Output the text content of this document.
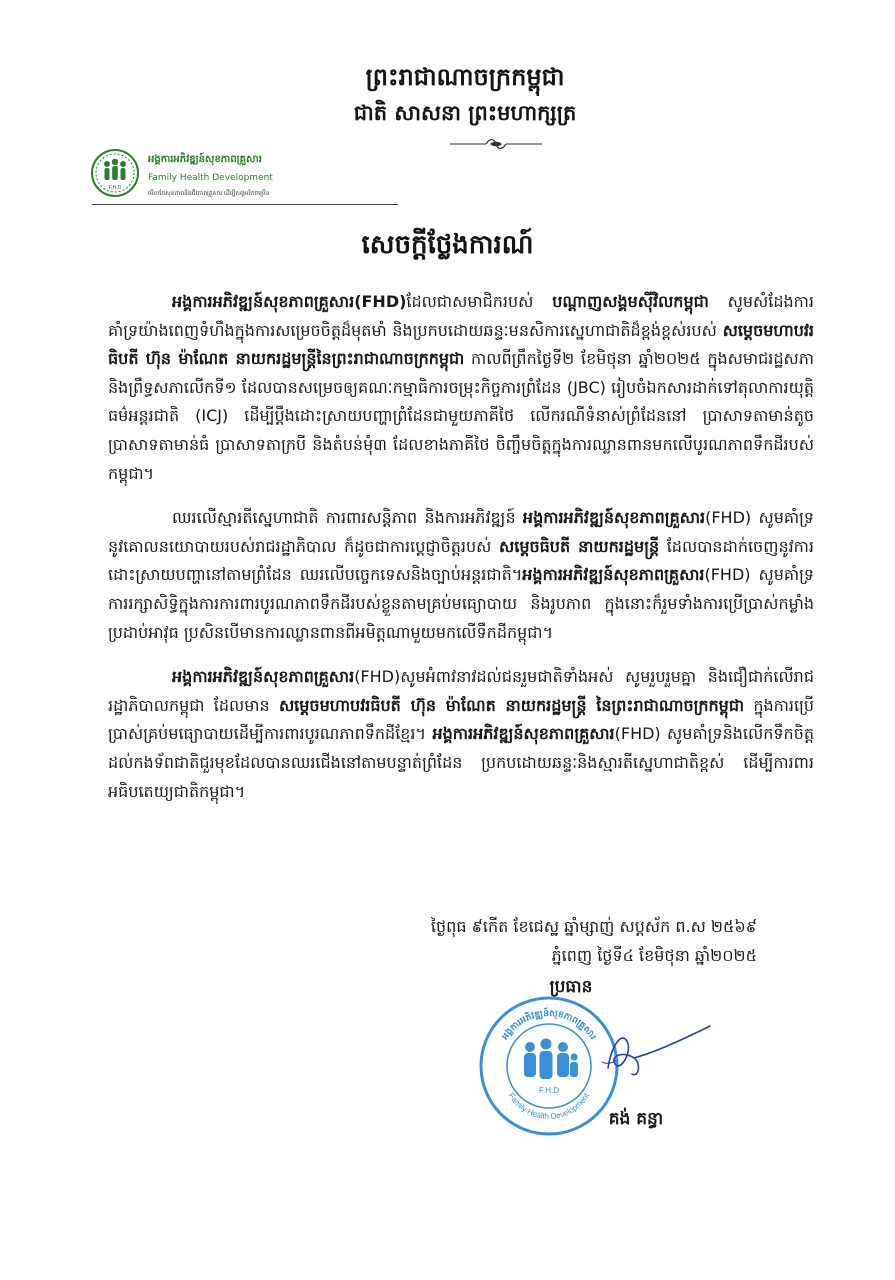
ព្រះរាជាណាចក្រកម្ពុជា
ជាតិ សាសនា ព្រះមហាក្សត្រ
F.H.D
អង្គការអភិវឌ្ឍន៍សុខភាពគ្រួសារ
Family Health Development
មើលថែសុខភាពនិងជីវភាពគ្រួសារ ដើម្បីសង្គមរីកចម្រើន
សេចក្ដីថ្លែងការណ៍

អង្គការអភិវឌ្ឍន៍សុខភាពគ្រួសារ(FHD)ដែលជាសមាជិករបស់ បណ្ដាញសង្គមស៊ីវិលកម្ពុជា សូមសំដែងការគាំទ្រយ៉ាងពេញទំហឹងក្នុងការសម្រេចចិត្តដ៏មុតមាំ និងប្រកបដោយឆន្ទៈមនសិការស្នេហាជាតិដ៏ខ្ពង់ខ្ពស់របស់ សម្ដេចមហាបវរធិបតី ហ៊ុន ម៉ាណែត នាយករដ្ឋមន្ត្រីនៃព្រះរាជាណាចក្រកម្ពុជា កាលពីព្រឹកថ្ងៃទី២ ខែមិថុនា ឆ្នាំ២០២៥ ក្នុងសមាជរដ្ឋសភា និងព្រឹទ្ធសភាលើកទី១ ដែលបានសម្រេចឲ្យគណៈកម្មាធិការចម្រុះកិច្ចការព្រំដែន (JBC) រៀបចំឯកសារដាក់ទៅតុលាការយុត្តិធម៌អន្តរជាតិ (ICJ) ដើម្បីប្ដឹងដោះស្រាយបញ្ហាព្រំដែនជាមួយភាគីថៃ លើករណីទំនាស់ព្រំដែននៅ ប្រាសាទតាមាន់តូច ប្រាសាទតាមាន់ធំ ប្រាសាទតាក្របី និងតំបន់មុំ៣ ដែលខាងភាគីថៃ ចិញ្ចឹមចិត្តក្នុងការឈ្លានពានមកលើបូរណភាពទឹកដីរបស់កម្ពុជា។

ឈរលើស្មារតីស្នេហាជាតិ ការពារសន្តិភាព និងការអភិវឌ្ឍន៍ អង្គការអភិវឌ្ឍន៍សុខភាពគ្រួសារ(FHD) សូមគាំទ្រនូវគោលនយោបាយរបស់រាជរដ្ឋាភិបាល ក៏ដូចជាការប្ដេជ្ញាចិត្តរបស់ សម្ដេចធិបតី នាយករដ្ឋមន្ត្រី ដែលបានដាក់ចេញនូវការដោះស្រាយបញ្ហានៅតាមព្រំដែន ឈរលើបច្ចេកទេសនិងច្បាប់អន្តរជាតិ។អង្គការអភិវឌ្ឍន៍សុខភាពគ្រួសារ(FHD) សូមគាំទ្រការរក្សាសិទ្ធិក្នុងការការពារបូរណភាពទឹកដីរបស់ខ្លួនតាមគ្រប់មធ្យោបាយ និងរូបភាព ក្នុងនោះក៏រួមទាំងការប្រើប្រាស់កម្លាំងប្រដាប់អាវុធ ប្រសិនបើមានការឈ្លានពានពីអមិត្តណាមួយមកលើទឹកដីកម្ពុជា។

អង្គការអភិវឌ្ឍន៍សុខភាពគ្រួសារ(FHD)សូមអំពាវនាវដល់ជនរួមជាតិទាំងអស់ សូមរួបរួមគ្នា និងជឿជាក់លើរាជរដ្ឋាភិបាលកម្ពុជា ដែលមាន សម្ដេចមហាបវរធិបតី ហ៊ុន ម៉ាណែត នាយករដ្ឋមន្ត្រី នៃព្រះរាជាណាចក្រកម្ពុជា ក្នុងការប្រើប្រាស់គ្រប់មធ្យោបាយដើម្បីការពារបូរណភាពទឹកដីខ្មែរ។ អង្គការអភិវឌ្ឍន៍សុខភាពគ្រួសារ(FHD) សូមគាំទ្រនិងលើកទឹកចិត្តដល់កងទ័ពជាតិជួរមុខដែលបានឈរជើងនៅតាមបន្ទាត់ព្រំដែន ប្រកបដោយឆន្ទៈនិងស្មារតីស្នេហាជាតិខ្ពស់ ដើម្បីការពារអធិបតេយ្យជាតិកម្ពុជា។

ថ្ងៃពុធ ៩កើត ខែជេស្ឋ ឆ្នាំម្សាញ់ សប្តស័ក ព.ស ២៥៦៩
ភ្នំពេញ ថ្ងៃទី៤ ខែមិថុនា ឆ្នាំ២០២៥
ប្រធាន
អង្គការអភិវឌ្ឍន៍សុខភាពគ្រួសារ
Family Health Development
F.H.D
គង់ គន្ធា
